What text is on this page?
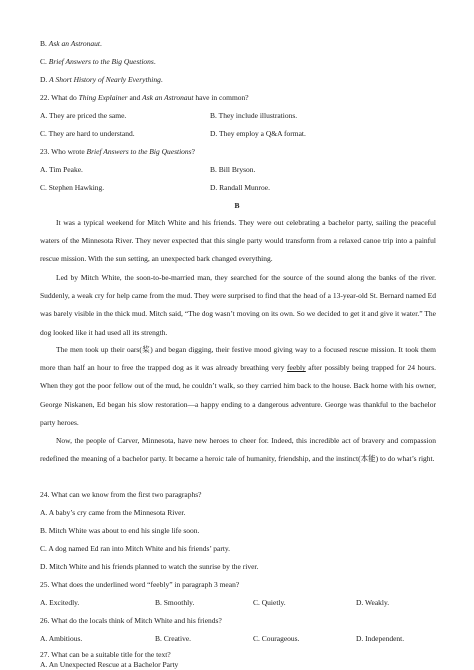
B. Ask an Astronaut.
C. Brief Answers to the Big Questions.
D. A Short History of Nearly Everything.
22. What do Thing Explainer and Ask an Astronaut have in common?
A. They are priced the same.	B. They include illustrations.
C. They are hard to understand.	D. They employ a Q&A format.
23. Who wrote Brief Answers to the Big Questions?
A. Tim Peake.	B. Bill Bryson.
C. Stephen Hawking.	D. Randall Munroe.
B
It was a typical weekend for Mitch White and his friends. They were out celebrating a bachelor party, sailing the peaceful waters of the Minnesota River. They never expected that this single party would transform from a relaxed canoe trip into a painful rescue mission. With the sun setting, an unexpected bark changed everything.
Led by Mitch White, the soon-to-be-married man, they searched for the source of the sound along the banks of the river. Suddenly, a weak cry for help came from the mud. They were surprised to find that the head of a 13-year-old St. Bernard named Ed was barely visible in the thick mud. Mitch said, “The dog wasn’t moving on its own. So we decided to get it and give it water.” The dog looked like it had used all its strength.
The men took up their oars(桨) and began digging, their festive mood giving way to a focused rescue mission. It took them more than half an hour to free the trapped dog as it was already breathing very feebly after possibly being trapped for 24 hours. When they got the poor fellow out of the mud, he couldn’t walk, so they carried him back to the house. Back home with his owner, George Niskanen, Ed began his slow restoration—a happy ending to a dangerous adventure. George was thankful to the bachelor party heroes.
Now, the people of Carver, Minnesota, have new heroes to cheer for. Indeed, this incredible act of bravery and compassion redefined the meaning of a bachelor party. It became a heroic tale of humanity, friendship, and the instinct(本能) to do what’s right.
24. What can we know from the first two paragraphs?
A. A baby’s cry came from the Minnesota River.
B. Mitch White was about to end his single life soon.
C. A dog named Ed ran into Mitch White and his friends’ party.
D. Mitch White and his friends planned to watch the sunrise by the river.
25. What does the underlined word “feebly” in paragraph 3 mean?
A. Excitedly.	B. Smoothly.	C. Quietly.	D. Weakly.
26. What do the locals think of Mitch White and his friends?
A. Ambitious.	B. Creative.	C. Courageous.	D. Independent.
27. What can be a suitable title for the text?
A. An Unexpected Rescue at a Bachelor Party
